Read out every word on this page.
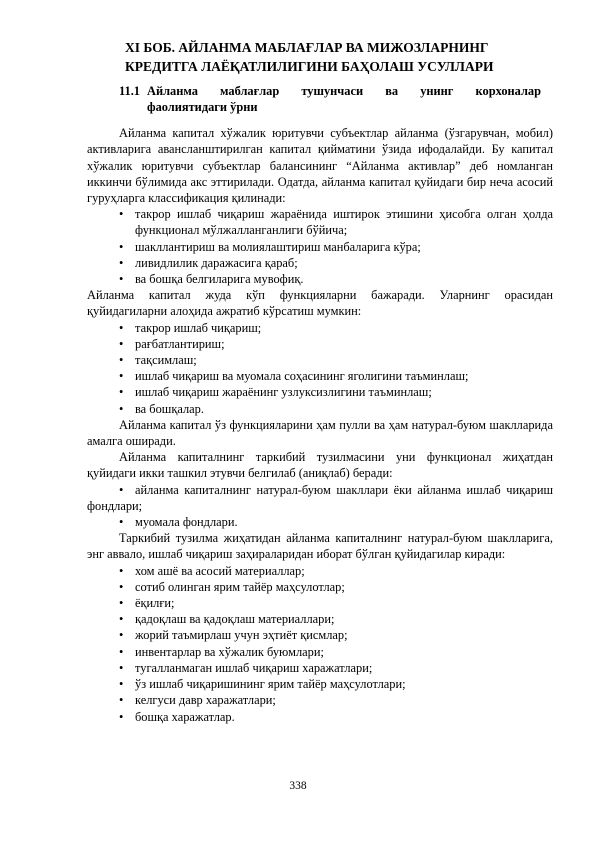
XI БОБ. АЙЛАНМА МАБЛАҒЛАР ВА МИЖОЗЛАРНИНГ
КРЕДИТГА ЛАЁҚАТЛИЛИГИНИ БАҲОЛАШ УСУЛЛАРИ
11.1 Айланма маблағлар тушунчаси ва унинг корхоналар
фаолиятидаги ўрни

Айланма капитал хўжалик юритувчи субъектлар айланма (ўзгарувчан, мобил) активларига авансланштирилган капитал қийматини ўзида ифодалайди. Бу капитал хўжалик юритувчи субъектлар балансининг “Айланма активлар” деб номланган иккинчи бўлимида акс эттирилади. Одатда, айланма капитал қуйидаги бир неча асосий гуруҳларга классификация қилинади:

• такрор ишлаб чиқариш жараёнида иштирок этишини ҳисобга олган ҳолда функционал мўлжалланганлиги бўйича;
• шакллантириш ва молиялаштириш манбаларига кўра;
• ливидлилик даражасига қараб;
• ва бошқа белгиларига мувофиқ.

Айланма капитал жуда кўп функцияларни бажаради. Уларнинг орасидан қуйидагиларни алоҳида ажратиб кўрсатиш мумкин:

• такрор ишлаб чиқариш;
• рағбатлантириш;
• тақсимлаш;
• ишлаб чиқариш ва муомала соҳасининг яголигини таъминлаш;
• ишлаб чиқариш жараёнинг узлуксизлигини таъминлаш;
• ва бошқалар.

Айланма капитал ўз функцияларини ҳам пулли ва ҳам натурал-буюм шаклларида амалга оширади.

Айланма капиталнинг таркибий тузилмасини уни функционал жиҳатдан қуйидаги икки ташкил этувчи белгилаб (аниқлаб) беради:

• айланма капиталнинг натурал-буюм шакллари ёки айланма ишлаб чиқариш фондлари;
• муомала фондлари.

Таркибий тузилма жиҳатидан айланма капиталнинг натурал-буюм шаклларига, энг аввало, ишлаб чиқариш заҳираларидан иборат бўлган қуйидагилар киради:

• хом ашё ва асосий материаллар;
• сотиб олинган ярим тайёр маҳсулотлар;
• ёқилғи;
• қадоқлаш ва қадоқлаш материаллари;
• жорий таъмирлаш учун эҳтиёт қисмлар;
• инвентарлар ва хўжалик буюмлари;
• тугалланмаган ишлаб чиқариш харажатлари;
• ўз ишлаб чиқаришининг ярим тайёр маҳсулотлари;
• келгуси давр харажатлари;
• бошқа харажатлар.
338
